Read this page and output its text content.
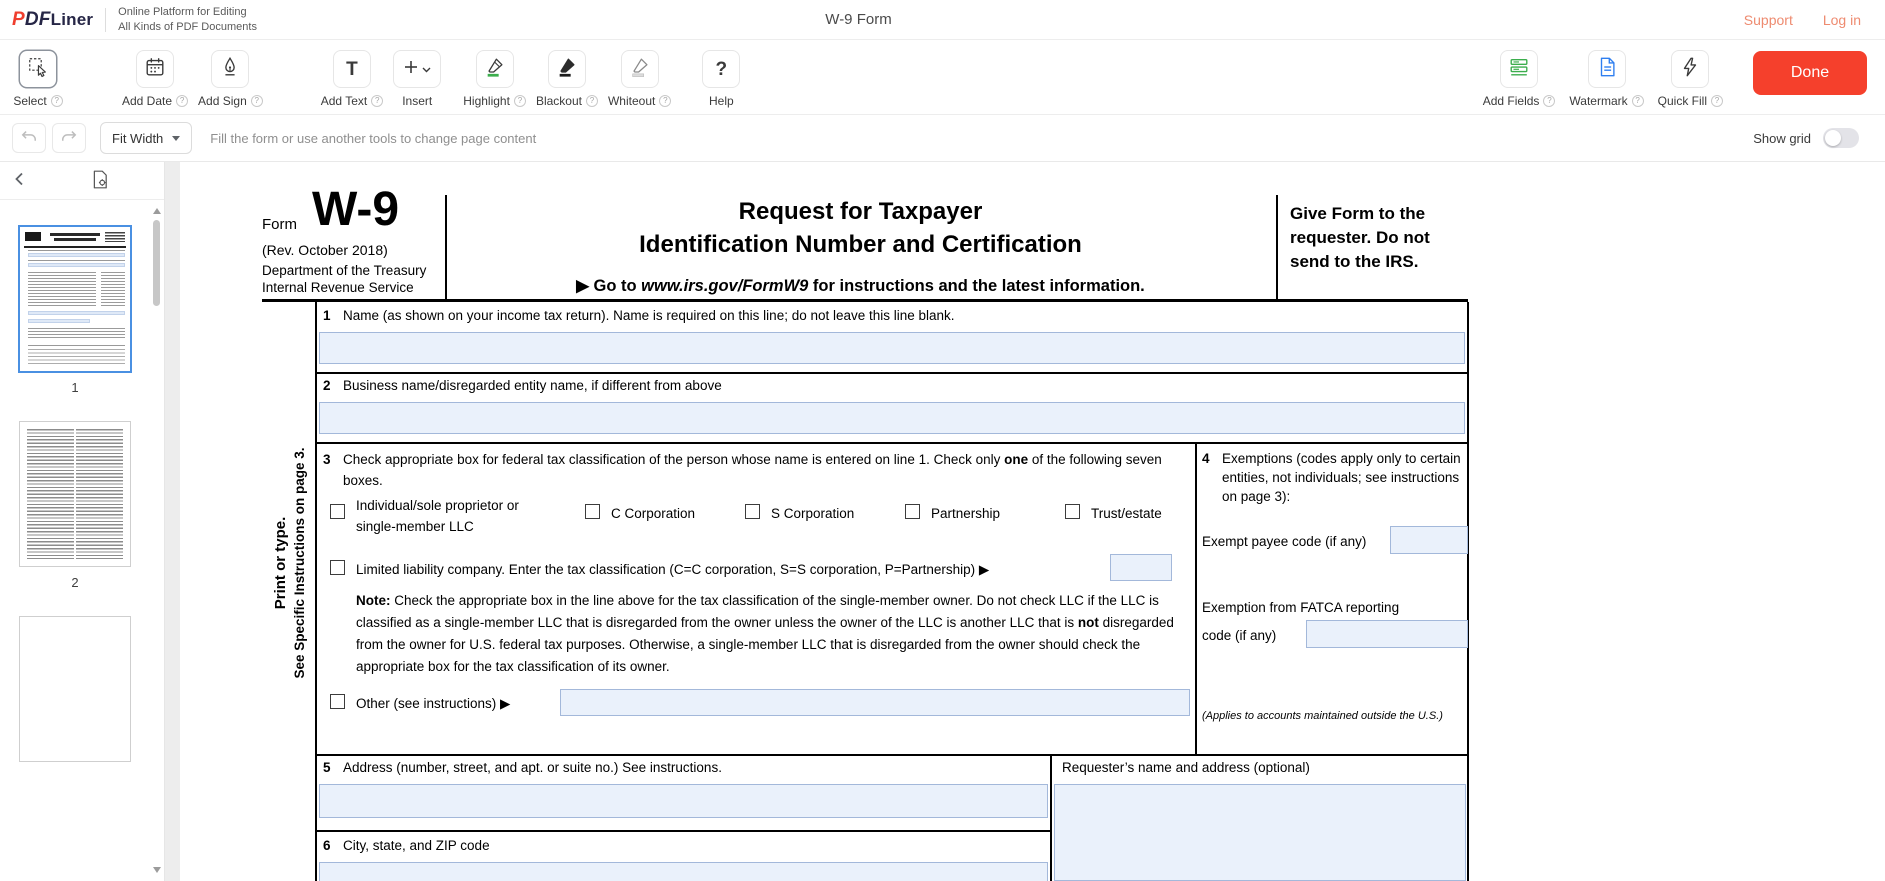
P DF Liner Online Platform for Editing
All Kinds of PDF Documents	W-9 Form	Support Log in
Select ?	Add Date ? Add Sign
?
T
Add Text ?	Insert	Highlight ? Blackout ? Whiteout
?
?
Help	Add Fields ?	Watermark ?	Quick Fill
?
Done
Fit Width	Fill the form or use another tools to change page content	Show grid
1
2
Form W-9
(Rev. October 2018)
Department of the Treasury
Internal Revenue Service
Request for Taxpayer
Identification Number and Certification
▶ Go to www.irs.gov/FormW9 for instructions and the latest information.
Give Form to the requester. Do not send to the IRS.
Print or type. See Specific Instructions on page 3.
1 Name (as shown on your income tax return). Name is required on this line; do not leave this line blank.
2 Business name/disregarded entity name, if different from above
3 Check appropriate box for federal tax classification of the person whose name is entered on line 1. Check only one of the following seven boxes.
Individual/sole proprietor or
single-member LLC
C Corporation	S Corporation	Partnership	Trust/estate
Limited liability company. Enter the tax classification (C=C corporation, S=S corporation, P=Partnership) ▶
Note: Check the appropriate box in the line above for the tax classification of the single-member owner. Do not check LLC if the LLC is classified as a single-member LLC that is disregarded from the owner unless the owner of the LLC is another LLC that is not disregarded from the owner for U.S. federal tax purposes. Otherwise, a single-member LLC that is disregarded from the owner should check the appropriate box for the tax classification of its owner.
Other (see instructions) ▶
4 Exemptions (codes apply only to certain entities, not individuals; see instructions on page 3):
Exempt payee code (if any)
Exemption from FATCA reporting
code (if any)
(Applies to accounts maintained outside the U.S.)
5 Address (number, street, and apt. or suite no.) See instructions.	Requester’s name and address (optional)
6 City, state, and ZIP code
